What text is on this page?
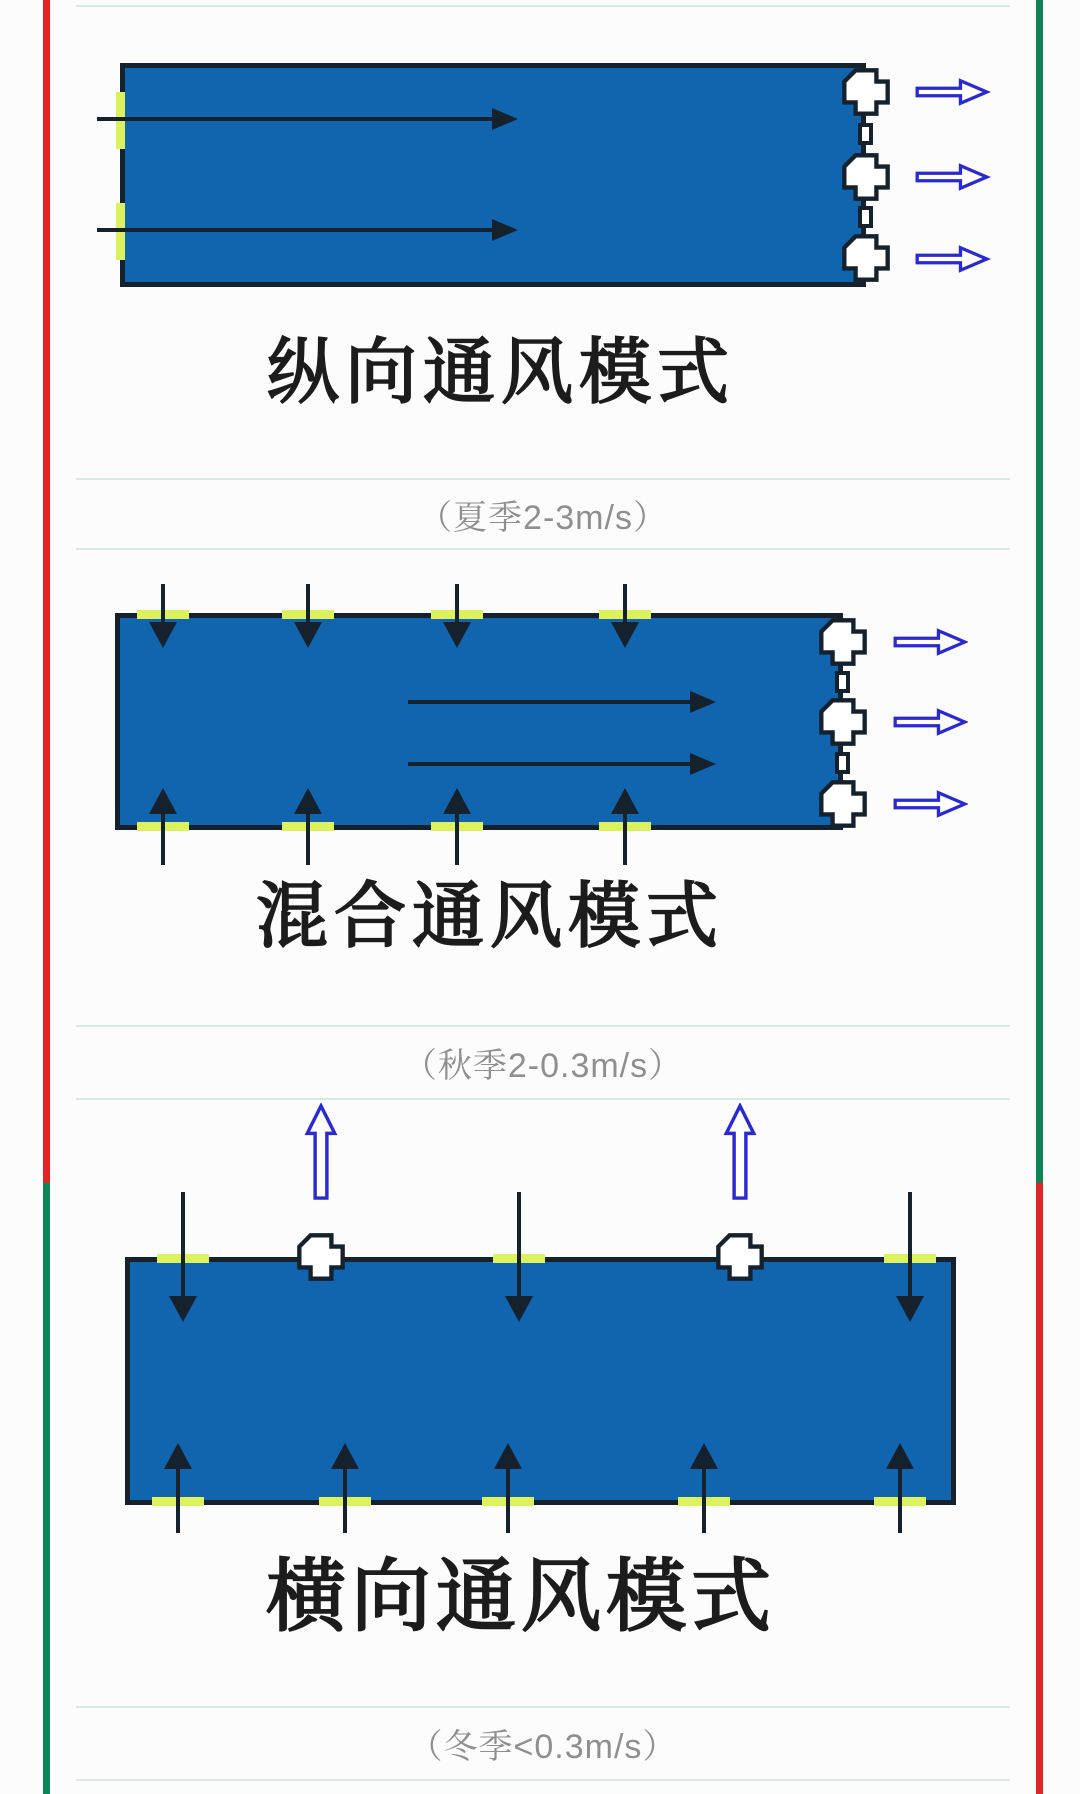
纵向通风模式
（夏季2-3m/s）
混合通风模式
（秋季2-0.3m/s）
横向通风模式
（冬季<0.3m/s）
